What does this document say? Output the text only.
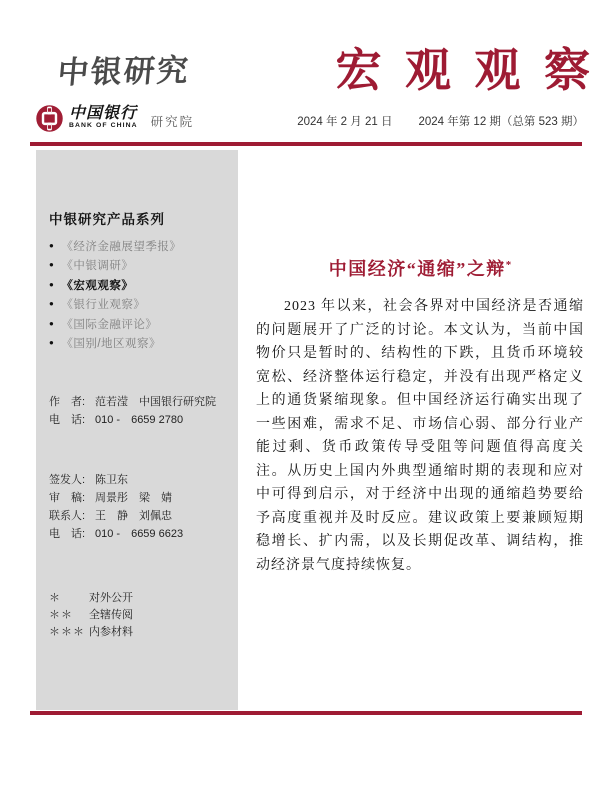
中银研究	宏 观 观 察
中国银行
BANK OF CHINA 研究院	2024 年 2 月 21 日 2024 年第 12 期（总第 523 期）
中银研究产品系列
● 《经济金融展望季报》
● 《中银调研》
● 《宏观观察》
● 《银行业观察》
● 《国际金融评论》
● 《国别/地区观察》
作　者: 范若滢　中国银行研究院
电　话: 010 -　6659 2780
签发人: 陈卫东
审　稿: 周景彤　梁　婧
联系人: 王　静　刘佩忠
电　话: 010 -　6659 6623
＊	对外公开
＊＊	全辖传阅
＊＊＊ 内参材料
中国经济“通缩”之辩*

2023 年以来，社会各界对中国经济是否通缩的问题展开了广泛的讨论。本文认为，当前中国物价只是暂时的、结构性的下跌，且货币环境较宽松、经济整体运行稳定，并没有出现严格定义上的通货紧缩现象。但中国经济运行确实出现了一些困难，需求不足、市场信心弱、部分行业产能过剩、货币政策传导受阻等问题值得高度关注。从历史上国内外典型通缩时期的表现和应对中可得到启示，对于经济中出现的通缩趋势要给予高度重视并及时反应。建议政策上要兼顾短期稳增长、扩内需，以及长期促改革、调结构，推动经济景气度持续恢复。
